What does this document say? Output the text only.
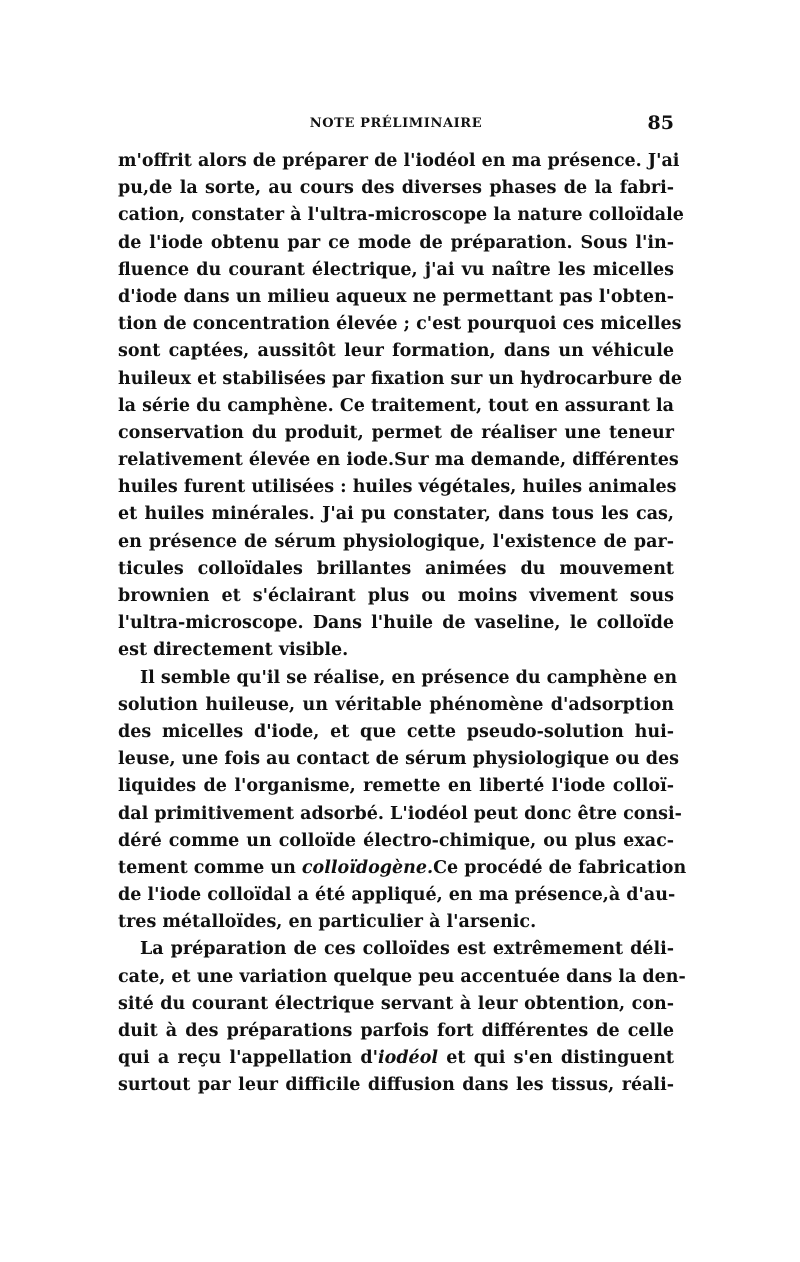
NOTE PRÉLIMINAIRE	85
m'offrit alors de préparer de l'iodéol en ma présence. J'ai
pu,de la sorte, au cours des diverses phases de la fabri-
cation, constater à l'ultra-microscope la nature colloïdale
de l'iode obtenu par ce mode de préparation. Sous l'in-
fluence du courant électrique, j'ai vu naître les micelles
d'iode dans un milieu aqueux ne permettant pas l'obten-
tion de concentration élevée ; c'est pourquoi ces micelles
sont captées, aussitôt leur formation, dans un véhicule
huileux et stabilisées par fixation sur un hydrocarbure de
la série du camphène. Ce traitement, tout en assurant la
conservation du produit, permet de réaliser une teneur
relativement élevée en iode.Sur ma demande, différentes
huiles furent utilisées : huiles végétales, huiles animales
et huiles minérales. J'ai pu constater, dans tous les cas,
en présence de sérum physiologique, l'existence de par-
ticules colloïdales brillantes animées du mouvement
brownien et s'éclairant plus ou moins vivement sous
l'ultra-microscope. Dans l'huile de vaseline, le colloïde
est directement visible.
Il semble qu'il se réalise, en présence du camphène en
solution huileuse, un véritable phénomène d'adsorption
des micelles d'iode, et que cette pseudo-solution hui-
leuse, une fois au contact de sérum physiologique ou des
liquides de l'organisme, remette en liberté l'iode colloï-
dal primitivement adsorbé. L'iodéol peut donc être consi-
déré comme un colloïde électro-chimique, ou plus exac-
tement comme un colloïdogène.Ce procédé de fabrication
de l'iode colloïdal a été appliqué, en ma présence,à d'au-
tres métalloïdes, en particulier à l'arsenic.
La préparation de ces colloïdes est extrêmement déli-
cate, et une variation quelque peu accentuée dans la den-
sité du courant électrique servant à leur obtention, con-
duit à des préparations parfois fort différentes de celle
qui a reçu l'appellation d'iodéol et qui s'en distinguent
surtout par leur difficile diffusion dans les tissus, réali-
